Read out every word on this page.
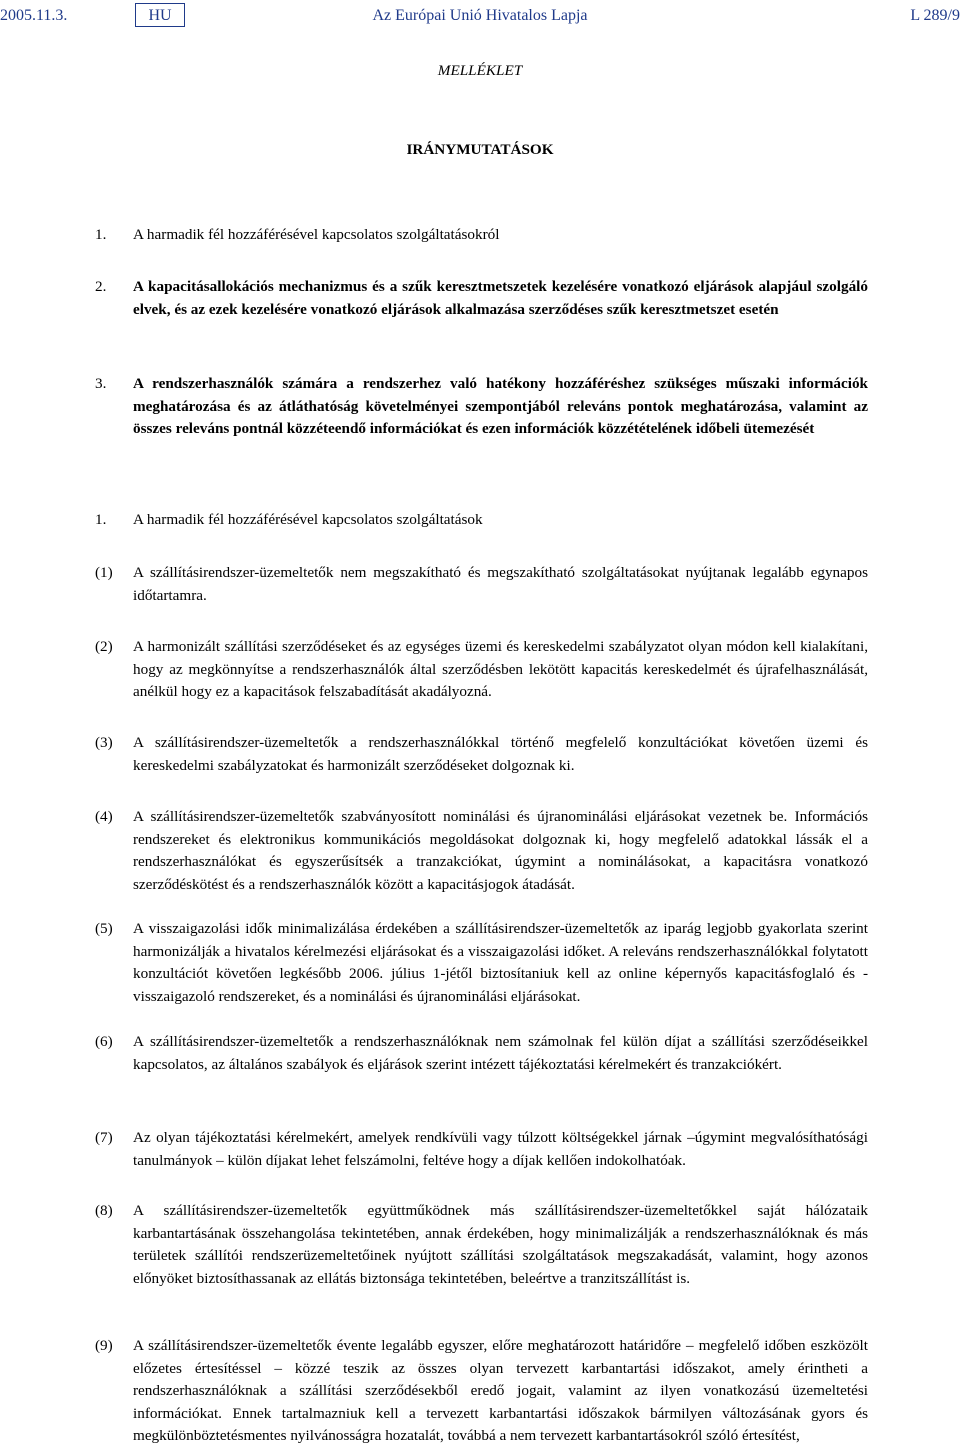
Az Európai Unió Hivatalos Lapja
2005.11.3.	HU	L 289/9
MELLÉKLET
IRÁNYMUTATÁSOK
1. A harmadik fél hozzáférésével kapcsolatos szolgáltatásokról
2. A kapacitásallokációs mechanizmus és a szűk keresztmetszetek kezelésére vonatkozó eljárások alapjául szolgáló elvek, és az ezek kezelésére vonatkozó eljárások alkalmazása szerződéses szűk keresztmetszet esetén
3. A rendszerhasználók számára a rendszerhez való hatékony hozzáféréshez szükséges műszaki információk meghatározása és az átláthatóság követelményei szempontjából releváns pontok meghatározása, valamint az összes releváns pontnál közzéteendő információkat és ezen információk közzétételének időbeli ütemezését
1. A harmadik fél hozzáférésével kapcsolatos szolgáltatások
(1) A szállításirendszer-üzemeltetők nem megszakítható és megszakítható szolgáltatásokat nyújtanak legalább egynapos időtartamra.
(2) A harmonizált szállítási szerződéseket és az egységes üzemi és kereskedelmi szabályzatot olyan módon kell kialakítani, hogy az megkönnyítse a rendszerhasználók által szerződésben lekötött kapacitás kereskedelmét és újrafelhasználását, anélkül hogy ez a kapacitások felszabadítását akadályozná.
(3) A szállításirendszer-üzemeltetők a rendszerhasználókkal történő megfelelő konzultációkat követően üzemi és kereskedelmi szabályzatokat és harmonizált szerződéseket dolgoznak ki.
(4) A szállításirendszer-üzemeltetők szabványosított nominálási és újranominálási eljárásokat vezetnek be. Információs rendszereket és elektronikus kommunikációs megoldásokat dolgoznak ki, hogy megfelelő adatokkal lássák el a rendszerhasználókat és egyszerűsítsék a tranzakciókat, úgymint a nominálásokat, a kapacitásra vonatkozó szerződéskötést és a rendszerhasználók között a kapacitásjogok átadását.
(5) A visszaigazolási idők minimalizálása érdekében a szállításirendszer-üzemeltetők az iparág legjobb gyakorlata szerint harmonizálják a hivatalos kérelmezési eljárásokat és a visszaigazolási időket. A releváns rendszerhasználókkal folytatott konzultációt követően legkésőbb 2006. július 1-jétől biztosítaniuk kell az online képernyős kapacitásfoglaló és -visszaigazoló rendszereket, és a nominálási és újranominálási eljárásokat.
(6) A szállításirendszer-üzemeltetők a rendszerhasználóknak nem számolnak fel külön díjat a szállítási szerződéseikkel kapcsolatos, az általános szabályok és eljárások szerint intézett tájékoztatási kérelmekért és tranzakciókért.
(7) Az olyan tájékoztatási kérelmekért, amelyek rendkívüli vagy túlzott költségekkel járnak –úgymint megvalósíthatósági tanulmányok – külön díjakat lehet felszámolni, feltéve hogy a díjak kellően indokolhatóak.
(8) A szállításirendszer-üzemeltetők együttműködnek más szállításirendszer-üzemeltetőkkel saját hálózataik karbantartásának összehangolása tekintetében, annak érdekében, hogy minimalizálják a rendszerhasználóknak és más területek szállítói rendszerüzemeltetőinek nyújtott szállítási szolgáltatások megszakadását, valamint, hogy azonos előnyöket biztosíthassanak az ellátás biztonsága tekintetében, beleértve a tranzitszállítást is.
(9) A szállításirendszer-üzemeltetők évente legalább egyszer, előre meghatározott határidőre – megfelelő időben eszközölt előzetes értesítéssel – közzé teszik az összes olyan tervezett karbantartási időszakot, amely érintheti a rendszerhasználóknak a szállítási szerződésekből eredő jogait, valamint az ilyen vonatkozású üzemeltetési információkat. Ennek tartalmazniuk kell a tervezett karbantartási időszakok bármilyen változásának gyors és megkülönböztetésmentes nyilvánosságra hozatalát, továbbá a nem tervezett karbantartásokról szóló értesítést,
